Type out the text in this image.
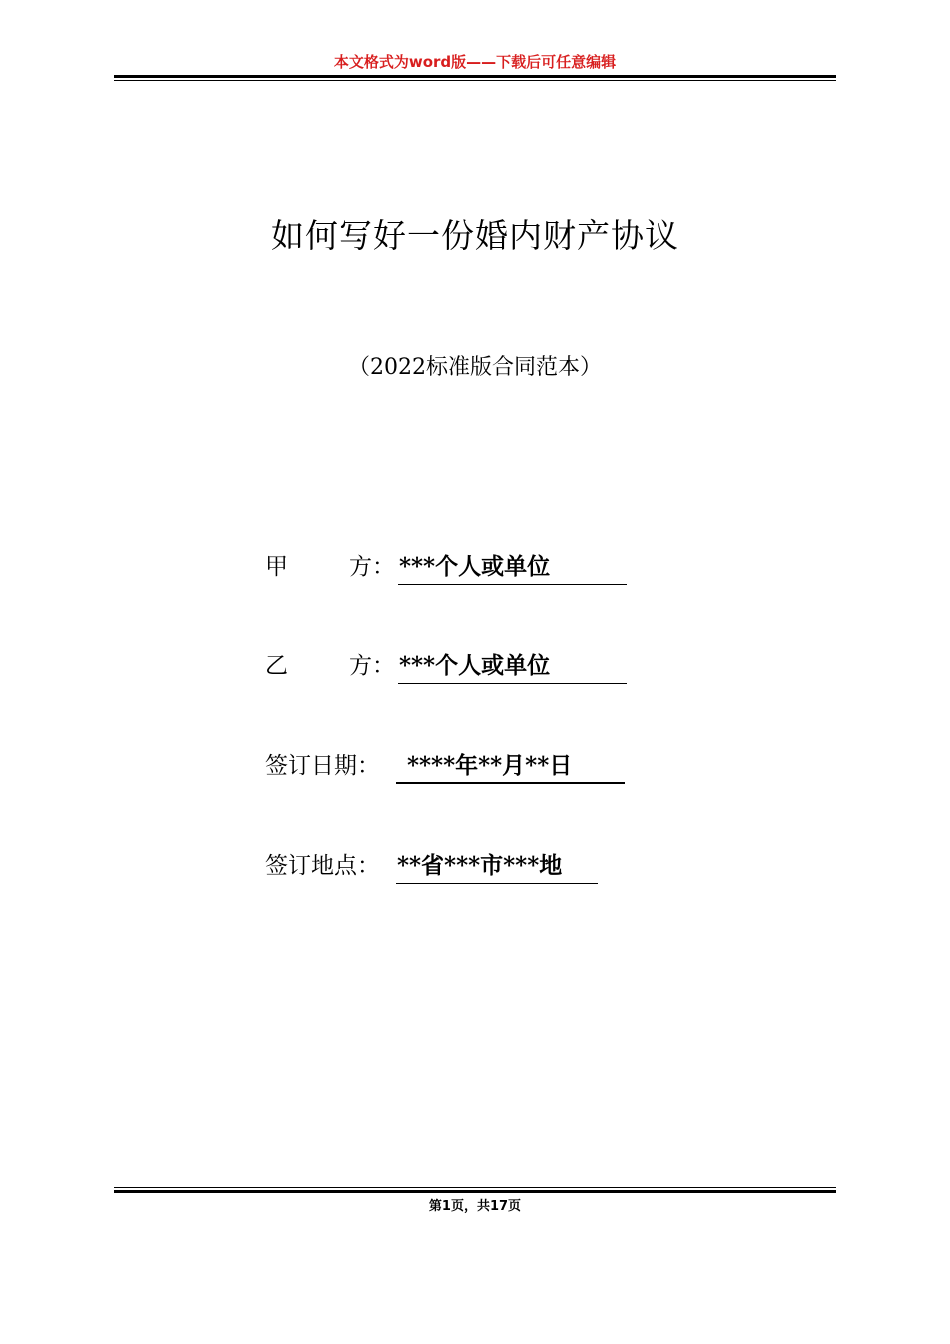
本文格式为word版——下载后可任意编辑
如何写好一份婚内财产协议
（2022标准版合同范本）
甲	方： ***个人或单位
乙	方： ***个人或单位
签订日期： ****年**月**日
签订地点： **省***市***地
第1页，共17页
